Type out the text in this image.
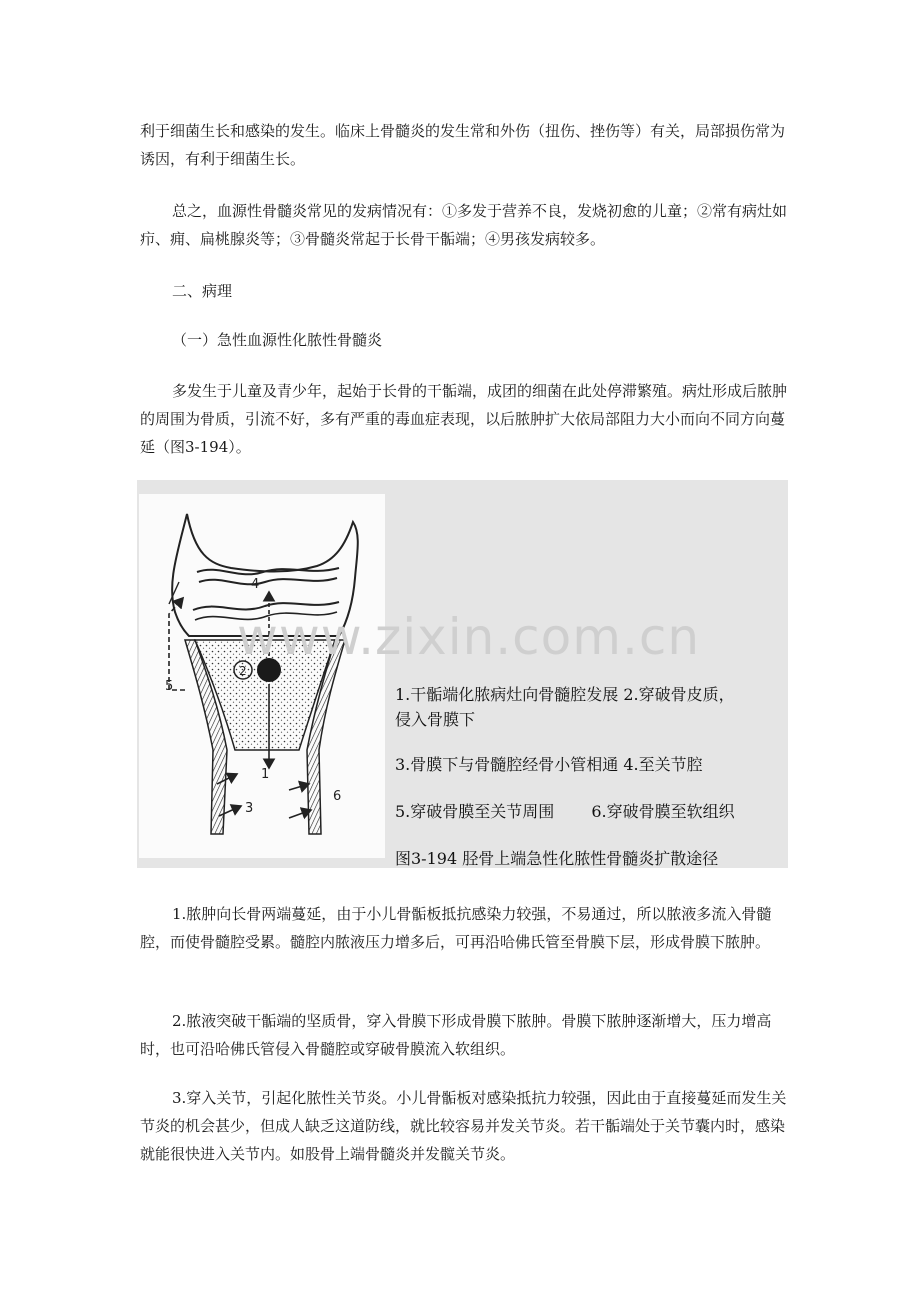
利于细菌生长和感染的发生。临床上骨髓炎的发生常和外伤（扭伤、挫伤等）有关，局部损伤常为诱因，有利于细菌生长。

总之，血源性骨髓炎常见的发病情况有：①多发于营养不良，发烧初愈的儿童；②常有病灶如疖、痈、扁桃腺炎等；③骨髓炎常起于长骨干骺端；④男孩发病较多。

二、病理

（一）急性血源性化脓性骨髓炎

多发生于儿童及青少年，起始于长骨的干骺端，成团的细菌在此处停滞繁殖。病灶形成后脓肿的周围为骨质，引流不好，多有严重的毒血症表现，以后脓肿扩大依局部阻力大小而向不同方向蔓延（图3-194）。

4
2
1
3
5
6
www.zixin.com.cn
1.干骺端化脓病灶向骨髓腔发展 2.穿破骨皮质，
侵入骨膜下
3.骨膜下与骨髓腔经骨小管相通 4.至关节腔
5.穿破骨膜至关节周围　　 6.穿破骨膜至软组织
图3-194 胫骨上端急性化脓性骨髓炎扩散途径

1.脓肿向长骨两端蔓延，由于小儿骨骺板抵抗感染力较强，不易通过，所以脓液多流入骨髓腔，而使骨髓腔受累。髓腔内脓液压力增多后，可再沿哈佛氏管至骨膜下层，形成骨膜下脓肿。

2.脓液突破干骺端的坚质骨，穿入骨膜下形成骨膜下脓肿。骨膜下脓肿逐渐增大，压力增高时，也可沿哈佛氏管侵入骨髓腔或穿破骨膜流入软组织。

3.穿入关节，引起化脓性关节炎。小儿骨骺板对感染抵抗力较强，因此由于直接蔓延而发生关节炎的机会甚少，但成人缺乏这道防线，就比较容易并发关节炎。若干骺端处于关节囊内时，感染就能很快进入关节内。如股骨上端骨髓炎并发髋关节炎。
